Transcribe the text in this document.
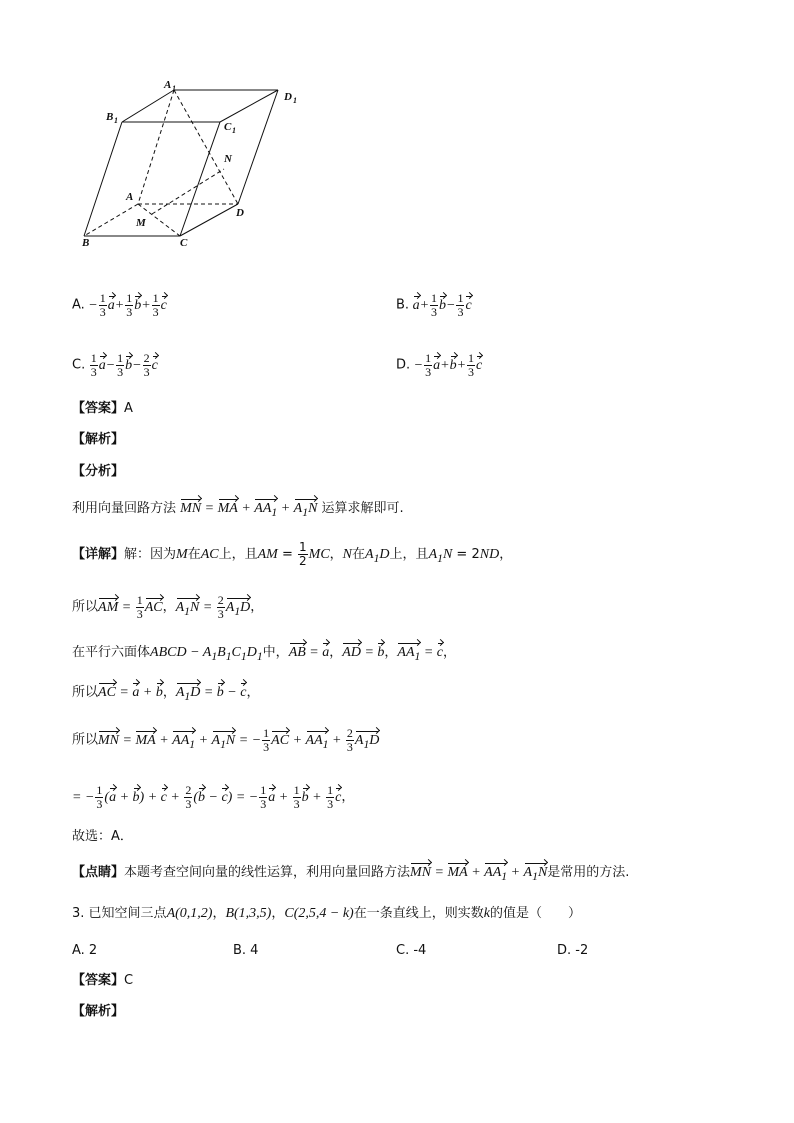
A 1
D 1
B 1
C 1
N
A
M
D
B	C
A. − $\frac{1}{3} a+ \frac{1}{3} b+ \frac{1}{3}$ c	B. $a+ \frac{1}{3} b- \frac{1}{3}$ c
C. $\frac{1}{3} a- \frac{1}{3} b- \frac{2}{3}$ c	D. − $\frac{1}{3} a+b+ \frac{1}{3}$ c
【答案】A
【解析】
【分析】
利用向量回路方法 MN = MA + $AA_1 + A_1N$ 运算求解即可.
【详解】解：因为M在AC上，且AM = $\frac{1}{2}$ MC，N在$A_1D$上，且$A_1N = 2ND$，
所以AM = $\frac{1}{3}$ AC，$A_1N = \frac{2}{3} A_1D$，
在平行六面体ABCD − $A_1B_1C_1D_1$中，AB = a，AD = b，$AA_1 = c$，
所以AC = a + b，$A_1D = b - c$，
所以MN = MA + $AA_1 + A_1N$ = − $\frac{1}{3}$ AC + $AA_1 + \frac{2}{3} A_1D$
= − $\frac{1}{3} (a + b) + c + \frac{2}{3} (b - c)$ = − $\frac{1}{3}$ $a + \frac{1}{3}$ $b + \frac{1}{3}$ c，
故选：A．
【点睛】本题考查空间向量的线性运算，利用向量回路方法MN = MA + $AA_1 + A_1N$是常用的方法.
3. 已知空间三点A(0,1,2)，B(1,3,5)，C(2,5,4 − k)在一条直线上，则实数k的值是（　　）
A. 2	B. 4	C. -4	D. -2
【答案】C
【解析】
